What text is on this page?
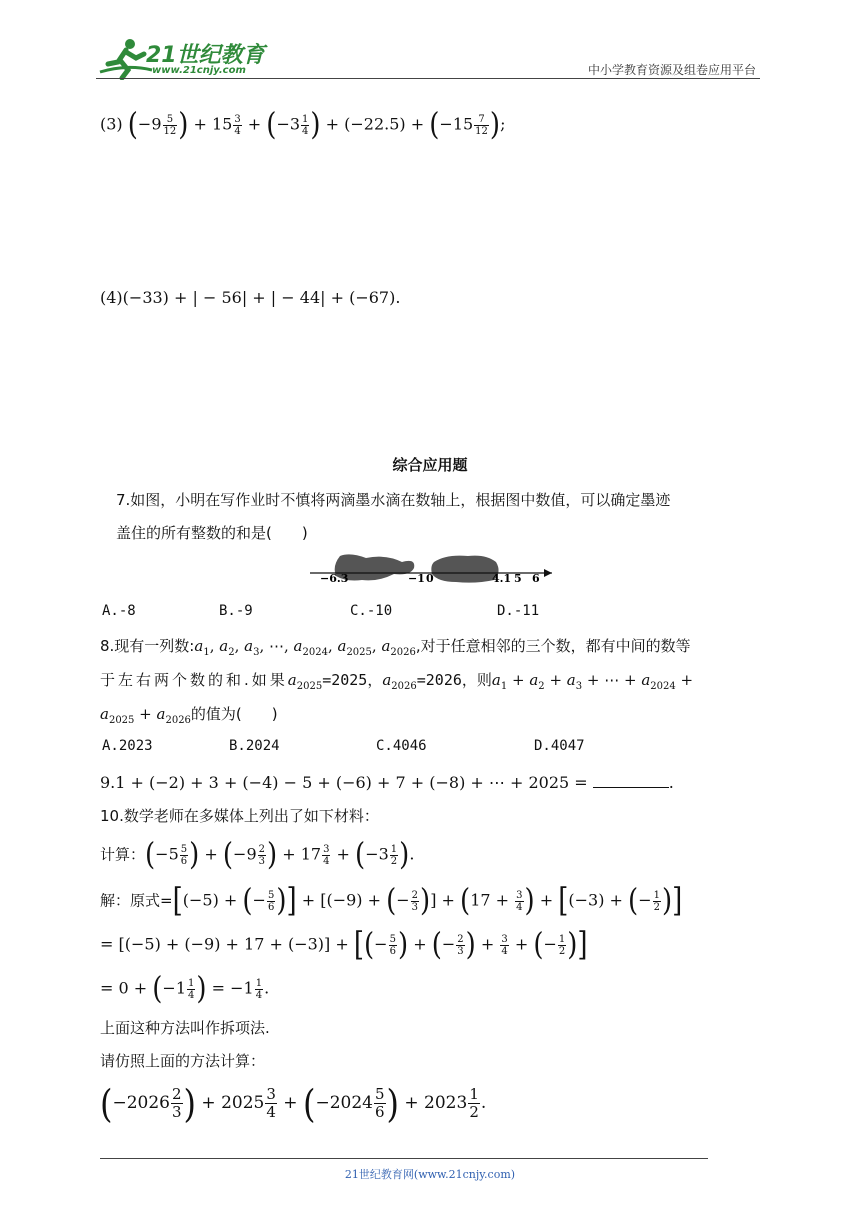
21世纪教育
www.21cnjy.com	中小学教育资源及组卷应用平台
(3) ($-9 \frac{5}{12}$ ) + $15 \frac{3}{4} + (-3 \frac{1}{4}$ ) + $(-22.5) + (-15 \frac{7}{12}$ );
(4)(−33) + | − 56| + | − 44| + (−67).
综合应用题
7.如图，小明在写作业时不慎将两滴墨水滴在数轴上，根据图中数值，可以确定墨迹
盖住的所有整数的和是(　　)
−6.3	−1 0	4.1 5 6
A.-8	B.-9	C.-10	D.-11
8.现有一列数$:a_1$, $a_2$, $a_3$, ⋯, $a_{2024}$, $a_{2025}$, $a_{2026}$,对于任意相邻的三个数，都有中间的数等
于左右两个数的和.如果$a_{2025}=2025$，$a_{2026}=2026$，则$a_1 + a_2 + a_3$ + ⋯ + $a_{2024}$ +
$a_{2025} + a_{2026}$的值为(　　)
A.2023	B.2024	C.4046	D.4047
9.1 + (−2) + 3 + (−4) − 5 + (−6) + 7 + (−8) + ⋯ + 2025 =	.
10.数学老师在多媒体上列出了如下材料：
计算：($-5 \frac{5}{6}$ ) + ($-9 \frac{2}{3}$ ) + $17 \frac{3}{4} + (-3 \frac{1}{2}$ ).
解：原式=[(−5) + (− $\frac{5}{6}$ )] + [(−9) + (− $\frac{2}{3}$ )] + ($17 + \frac{3}{4}$ ) + [(−3) + (− $\frac{1}{2}$ )]
= [(−5) + (−9) + 17 + (−3)] + [(− $\frac{5}{6}$ ) + (− $\frac{2}{3}$ ) + $\frac{3}{4}$ + (− $\frac{1}{2}$ )]
= $0 + (-1 \frac{1}{4}$ ) = $-1 \frac{1}{4}$ .
上面这种方法叫作拆项法.
请仿照上面的方法计算：
($-2026 \frac{2}{3}$ ) + $2025 \frac{3}{4} + (-2024 \frac{5}{6}$ ) + $2023 \frac{1}{2}$ .
21世纪教育网(www.21cnjy.com)
